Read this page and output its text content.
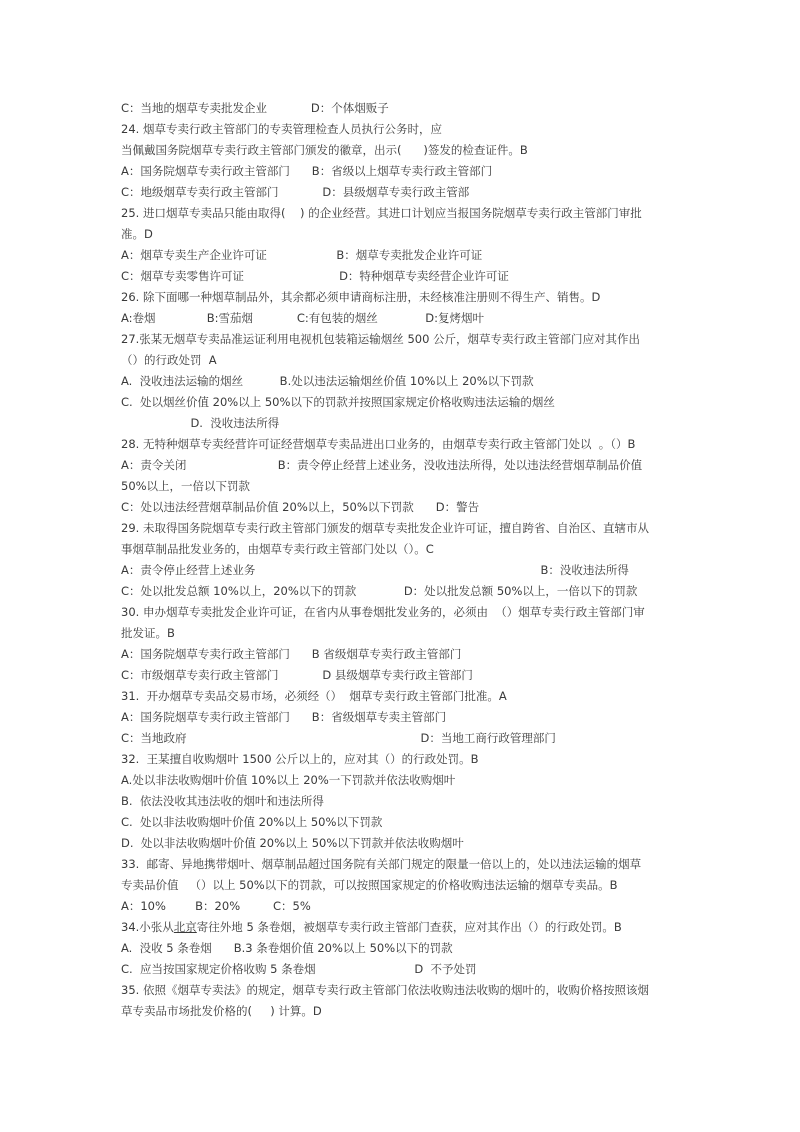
C：当地的烟草专卖批发企业            D：个体烟贩子
24. 烟草专卖行政主管部门的专卖管理检查人员执行公务时，应
当佩戴国务院烟草专卖行政主管部门颁发的徽章，出示(      )签发的检查证件。B
A：国务院烟草专卖行政主管部门      B：省级以上烟草专卖行政主管部门
C：地级烟草专卖行政主管部门            D：县级烟草专卖行政主管部
25. 进口烟草专卖品只能由取得(    ) 的企业经营。其进口计划应当报国务院烟草专卖行政主管部门审批
准。D
A：烟草专卖生产企业许可证                   B：烟草专卖批发企业许可证
C：烟草专卖零售许可证                          D：特种烟草专卖经营企业许可证
26. 除下面哪一种烟草制品外，其余都必须申请商标注册，未经核准注册则不得生产、销售。D
A:卷烟              B:雪茄烟            C:有包装的烟丝             D:复烤烟叶
27.张某无烟草专卖品准运证利用电视机包装箱运输烟丝 500 公斤，烟草专卖行政主管部门应对其作出
（）的行政处罚  A
A.  没收违法运输的烟丝          B.处以违法运输烟丝价值 10%以上 20%以下罚款
C.  处以烟丝价值 20%以上 50%以下的罚款并按照国家规定价格收购违法运输的烟丝
D.  没收违法所得
28. 无特种烟草专卖经营许可证经营烟草专卖品进出口业务的，由烟草专卖行政主管部门处以  。（）B
A：责令关闭                         B：责令停止经营上述业务，没收违法所得，处以违法经营烟草制品价值
50%以上，一倍以下罚款
C：处以违法经营烟草制品价值 20%以上，50%以下罚款      D：警告
29. 未取得国务院烟草专卖行政主管部门颁发的烟草专卖批发企业许可证，擅自跨省、自治区、直辖市从
事烟草制品批发业务的，由烟草专卖行政主管部门处以（）。C
A：责令停止经营上述业务                                                                              B：没收违法所得
C：处以批发总额 10%以上，20%以下的罚款             D：处以批发总额 50%以上，一倍以下的罚款
30. 申办烟草专卖批发企业许可证，在省内从事卷烟批发业务的，必须由  （）烟草专卖行政主管部门审
批发证。B
A：国务院烟草专卖行政主管部门      B 省级烟草专卖行政主管部门
C：市级烟草专卖行政主管部门            D 县级烟草专卖行政主管部门
31.  开办烟草专卖品交易市场，必须经（）  烟草专卖行政主管部门批准。A
A：国务院烟草专卖行政主管部门      B：省级烟草专卖主管部门
C：当地政府                                                                D：当地工商行政管理部门
32.  王某擅自收购烟叶 1500 公斤以上的，应对其（）的行政处罚。B
A.处以非法收购烟叶价值 10%以上 20%一下罚款并依法收购烟叶
B.  依法没收其违法收的烟叶和违法所得
C.  处以非法收购烟叶价值 20%以上 50%以下罚款
D.  处以非法收购烟叶价值 20%以上 50%以下罚款并依法收购烟叶
33.  邮寄、异地携带烟叶、烟草制品超过国务院有关部门规定的限量一倍以上的，处以违法运输的烟草
专卖品价值   （）以上 50%以下的罚款，可以按照国家规定的价格收购违法运输的烟草专卖品。B
A：10%        B：20%         C：5%
34.小张从北京寄往外地 5 条卷烟，被烟草专卖行政主管部门查获，应对其作出（）的行政处罚。B
A.  没收 5 条卷烟      B.3 条卷烟价值 20%以上 50%以下的罚款
C.  应当按国家规定价格收购 5 条卷烟                           D  不予处罚
35. 依照《烟草专卖法》的规定，烟草专卖行政主管部门依法收购违法收购的烟叶的，收购价格按照该烟
草专卖品市场批发价格的(     ) 计算。D
